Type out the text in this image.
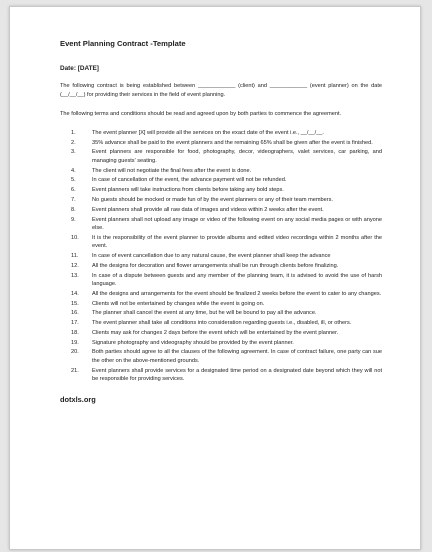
Event Planning Contract -Template
Date: [DATE]

The following contract is being established between ____________ (client) and ____________ (event planner) on the date (__/__/__) for providing their services in the field of event planning.

The following terms and conditions should be read and agreed upon by both parties to commence the agreement.

1.	The event planner [X] will provide all the services on the exact date of the event i.e., __/__/__.
2.	35% advance shall be paid to the event planners and the remaining 65% shall be given after the event is finished.
3.	Event planners are responsible for food, photography, decor, videographers, valet services, car parking, and managing guests' seating.
4.	The client will not negotiate the final fees after the event is done.
5.	In case of cancellation of the event, the advance payment will not be refunded.
6.	Event planners will take instructions from clients before taking any bold steps.
7.	No guests should be mocked or made fun of by the event planners or any of their team members.
8.	Event planners shall provide all raw data of images and videos within 2 weeks after the event.
9.	Event planners shall not upload any image or video of the following event on any social media pages or with anyone else.
10.	It is the responsibility of the event planner to provide albums and edited video recordings within 2 months after the event.
11.	In case of event cancellation due to any natural cause, the event planner shall keep the advance
12.	All the designs for decoration and flower arrangements shall be run through clients before finalizing.
13.	In case of a dispute between guests and any member of the planning team, it is advised to avoid the use of harsh language.
14.	All the designs and arrangements for the event should be finalized 2 weeks before the event to cater to any changes.
15.	Clients will not be entertained by changes while the event is going on.
16.	The planner shall cancel the event at any time, but he will be bound to pay all the advance.
17.	The event planner shall take all conditions into consideration regarding guests i.e., disabled, ill, or others.
18.	Clients may ask for changes 2 days before the event which will be entertained by the event planner.
19.	Signature photography and videography should be provided by the event planner.
20.	Both parties should agree to all the clauses of the following agreement. In case of contract failure, one party can sue the other on the above-mentioned grounds.
21.	Event planners shall provide services for a designated time period on a designated date beyond which they will not be responsible for providing services.
dotxls.org
